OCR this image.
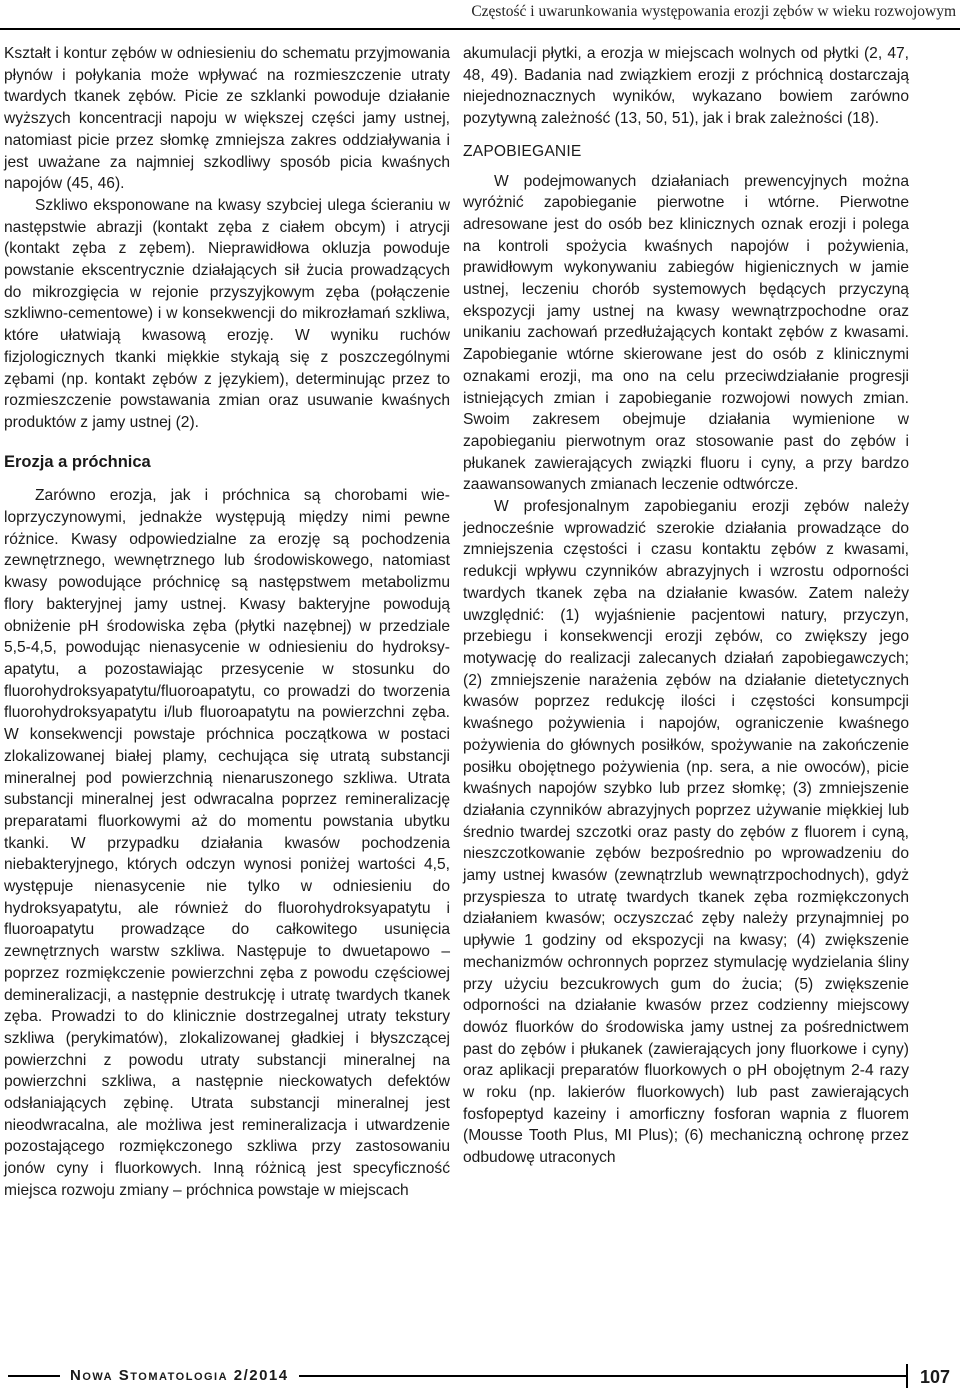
Częstość i uwarunkowania występowania erozji zębów w wieku rozwojowym

Kształt i kontur zębów w odniesieniu do schematu przyjmowania płynów i połykania może wpływać na rozmieszczenie utraty twardych tkanek zębów. Picie ze szklanki powoduje działanie wyższych koncentracji napoju w większej części jamy ustnej, natomiast picie przez słomkę zmniejsza zakres oddziaływania i jest uważane za najmniej szkodliwy sposób picia kwaśnych napojów (45, 46).

Szkliwo eksponowane na kwasy szybciej ulega ścieraniu w następstwie abrazji (kontakt zęba z ciałem obcym) i atrycji (kontakt zęba z zębem). Nieprawidłowa okluzja powoduje powstanie ekscentrycznie działających sił żucia prowadzących do mikrozgięcia w rejonie przyszyjkowym zęba (połączenie szkliwno-cementowe) i w konsekwencji do mikrozłamań szkliwa, które ułatwiają kwasową erozję. W wyniku ruchów fizjologicznych tkanki miękkie stykają się z poszczególnymi zębami (np. kontakt zębów z językiem), determinując przez to rozmieszczenie powstawania zmian oraz usuwanie kwaśnych produktów z jamy ustnej (2).

Erozja a próchnica

Zarówno erozja, jak i próchnica są chorobami wieloprzyczynowymi, jednakże występują między nimi pewne różnice. Kwasy odpowiedzialne za erozję są pochodzenia zewnętrznego, wewnętrznego lub środowiskowego, natomiast kwasy powodujące próchnicę są następstwem metabolizmu flory bakteryjnej jamy ustnej. Kwasy bakteryjne powodują obniżenie pH środowiska zęba (płytki nazębnej) w przedziale 5,5-4,5, powodując nienasycenie w odniesieniu do hydroksyapatytu, a pozostawiając przesycenie w stosunku do fluorohydroksyapatytu/fluoroapatytu, co prowadzi do tworzenia fluorohydroksyapatytu i/lub fluoroapatytu na powierzchni zęba. W konsekwencji powstaje próchnica początkowa w postaci zlokalizowanej białej plamy, cechująca się utratą substancji mineralnej pod powierzchnią nienaruszonego szkliwa. Utrata substancji mineralnej jest odwracalna poprzez remineralizację preparatami fluorkowymi aż do momentu powstania ubytku tkanki. W przypadku działania kwasów pochodzenia niebakteryjnego, których odczyn wynosi poniżej wartości 4,5, występuje nienasycenie nie tylko w odniesieniu do hydroksyapatytu, ale również do fluorohydroksyapatytu i fluoroapatytu prowadzące do całkowitego usunięcia zewnętrznych warstw szkliwa. Następuje to dwuetapowo – poprzez rozmiękczenie powierzchni zęba z powodu częściowej demineralizacji, a następnie destrukcję i utratę twardych tkanek zęba. Prowadzi to do klinicznie dostrzegalnej utraty tekstury szkliwa (perykimatów), zlokalizowanej gładkiej i błyszczącej powierzchni z powodu utraty substancji mineralnej na powierzchni szkliwa, a następnie nieckowatych defektów odsłaniających zębinę. Utrata substancji mineralnej jest nieodwracalna, ale możliwa jest remineralizacja i utwardzenie pozostającego rozmiękczonego szkliwa przy zastosowaniu jonów cyny i fluorkowych. Inną różnicą jest specyficzność miejsca rozwoju zmiany – próchnica powstaje w miejscach

akumulacji płytki, a erozja w miejscach wolnych od płytki (2, 47, 48, 49). Badania nad związkiem erozji z próchnicą dostarczają niejednoznacznych wyników, wykazano bowiem zarówno pozytywną zależność (13, 50, 51), jak i brak zależności (18).

ZAPOBIEGANIE

W podejmowanych działaniach prewencyjnych można wyróżnić zapobieganie pierwotne i wtórne. Pierwotne adresowane jest do osób bez klinicznych oznak erozji i polega na kontroli spożycia kwaśnych napojów i pożywienia, prawidłowym wykonywaniu zabiegów higienicznych w jamie ustnej, leczeniu chorób systemowych będących przyczyną ekspozycji jamy ustnej na kwasy wewnątrzpochodne oraz unikaniu zachowań przedłużających kontakt zębów z kwasami. Zapobieganie wtórne skierowane jest do osób z klinicznymi oznakami erozji, ma ono na celu przeciwdziałanie progresji istniejących zmian i zapobieganie rozwojowi nowych zmian. Swoim zakresem obejmuje działania wymienione w zapobieganiu pierwotnym oraz stosowanie past do zębów i płukanek zawierających związki fluoru i cyny, a przy bardzo zaawansowanych zmianach leczenie odtwórcze.

W profesjonalnym zapobieganiu erozji zębów należy jednocześnie wprowadzić szerokie działania prowadzące do zmniejszenia częstości i czasu kontaktu zębów z kwasami, redukcji wpływu czynników abrazyjnych i wzrostu odporności twardych tkanek zęba na działanie kwasów. Zatem należy uwzględnić: (1) wyjaśnienie pacjentowi natury, przyczyn, przebiegu i konsekwencji erozji zębów, co zwiększy jego motywację do realizacji zalecanych działań zapobiegawczych; (2) zmniejszenie narażenia zębów na działanie dietetycznych kwasów poprzez redukcję ilości i częstości konsumpcji kwaśnego pożywienia i napojów, ograniczenie kwaśnego pożywienia do głównych posiłków, spożywanie na zakończenie posiłku obojętnego pożywienia (np. sera, a nie owoców), picie kwaśnych napojów szybko lub przez słomkę; (3) zmniejszenie działania czynników abrazyjnych poprzez używanie miękkiej lub średnio twardej szczotki oraz pasty do zębów z fluorem i cyną, nieszczotkowanie zębów bezpośrednio po wprowadzeniu do jamy ustnej kwasów (zewnątrzlub wewnątrzpochodnych), gdyż przyspiesza to utratę twardych tkanek zęba rozmiękczonych działaniem kwasów; oczyszczać zęby należy przynajmniej po upływie 1 godziny od ekspozycji na kwasy; (4) zwiększenie mechanizmów ochronnych poprzez stymulację wydzielania śliny przy użyciu bezcukrowych gum do żucia; (5) zwiększenie odporności na działanie kwasów przez codzienny miejscowy dowóz fluorków do środowiska jamy ustnej za pośrednictwem past do zębów i płukanek (zawierających jony fluorkowe i cyny) oraz aplikacji preparatów fluorkowych o pH obojętnym 2-4 razy w roku (np. lakierów fluorkowych) lub past zawierających fosfopeptyd kazeiny i amorficzny fosforan wapnia z fluorem (Mousse Tooth Plus, MI Plus); (6) mechaniczną ochronę przez odbudowę utraconych

Nowa Stomatologia 2/2014	107
